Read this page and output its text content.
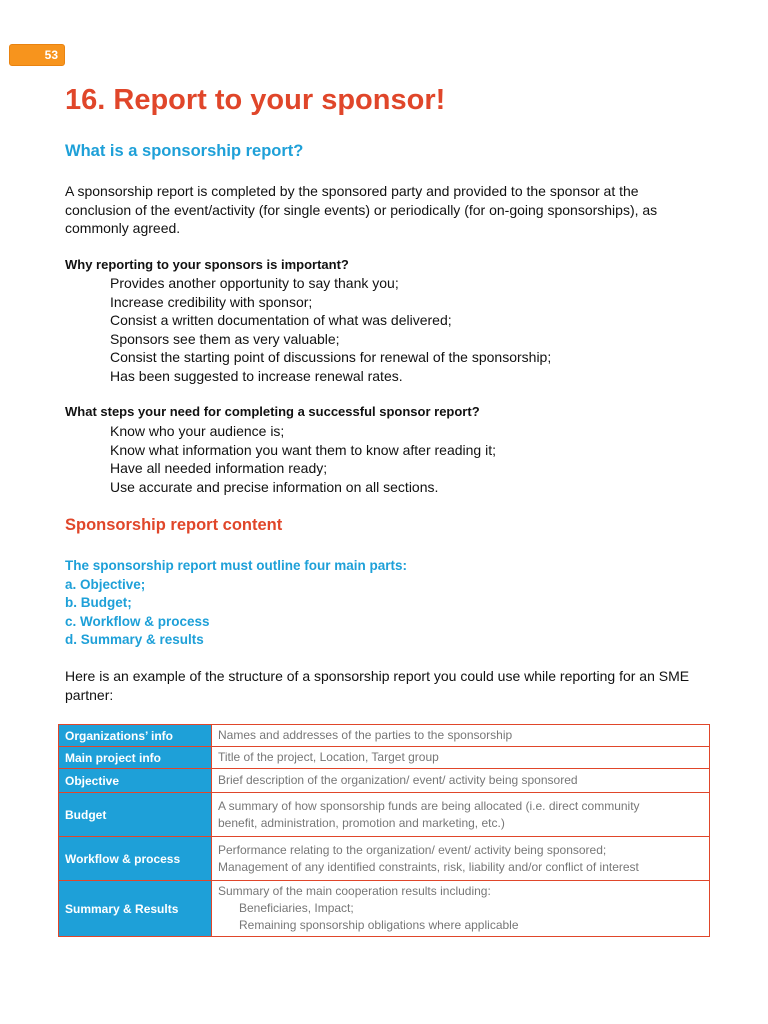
53
16. Report to your sponsor!
What is a sponsorship report?

A sponsorship report is completed by the sponsored party and provided to the sponsor at the conclusion of the event/activity (for single events) or periodically (for on-going sponsorships), as commonly agreed.

Why reporting to your sponsors is important?

Provides another opportunity to say thank you;
Increase credibility with sponsor;
Consist a written documentation of what was delivered;
Sponsors see them as very valuable;
Consist the starting point of discussions for renewal of the sponsorship;
Has been suggested to increase renewal rates.

What steps your need for completing a successful sponsor report?

Know who your audience is;
Know what information you want them to know after reading it;
Have all needed information ready;
Use accurate and precise information on all sections.
Sponsorship report content
The sponsorship report must outline four main parts:
a. Objective;
b. Budget;
c. Workflow & process
d. Summary & results

Here is an example of the structure of a sponsorship report you could use while reporting for an SME partner:

Organizations’ info	Names and addresses of the parties to the sponsorship

Main project info	Title of the project, Location, Target group

Objective	Brief description of the organization/ event/ activity being sponsored

Budget	A summary of how sponsorship funds are being allocated (i.e. direct community
benefit, administration, promotion and marketing, etc.)

Workflow & process	Performance relating to the organization/ event/ activity being sponsored;
Management of any identified constraints, risk, liability and/or conflict of interest

Summary & Results	Summary of the main cooperation results including:
Beneficiaries, Impact;
Remaining sponsorship obligations where applicable
